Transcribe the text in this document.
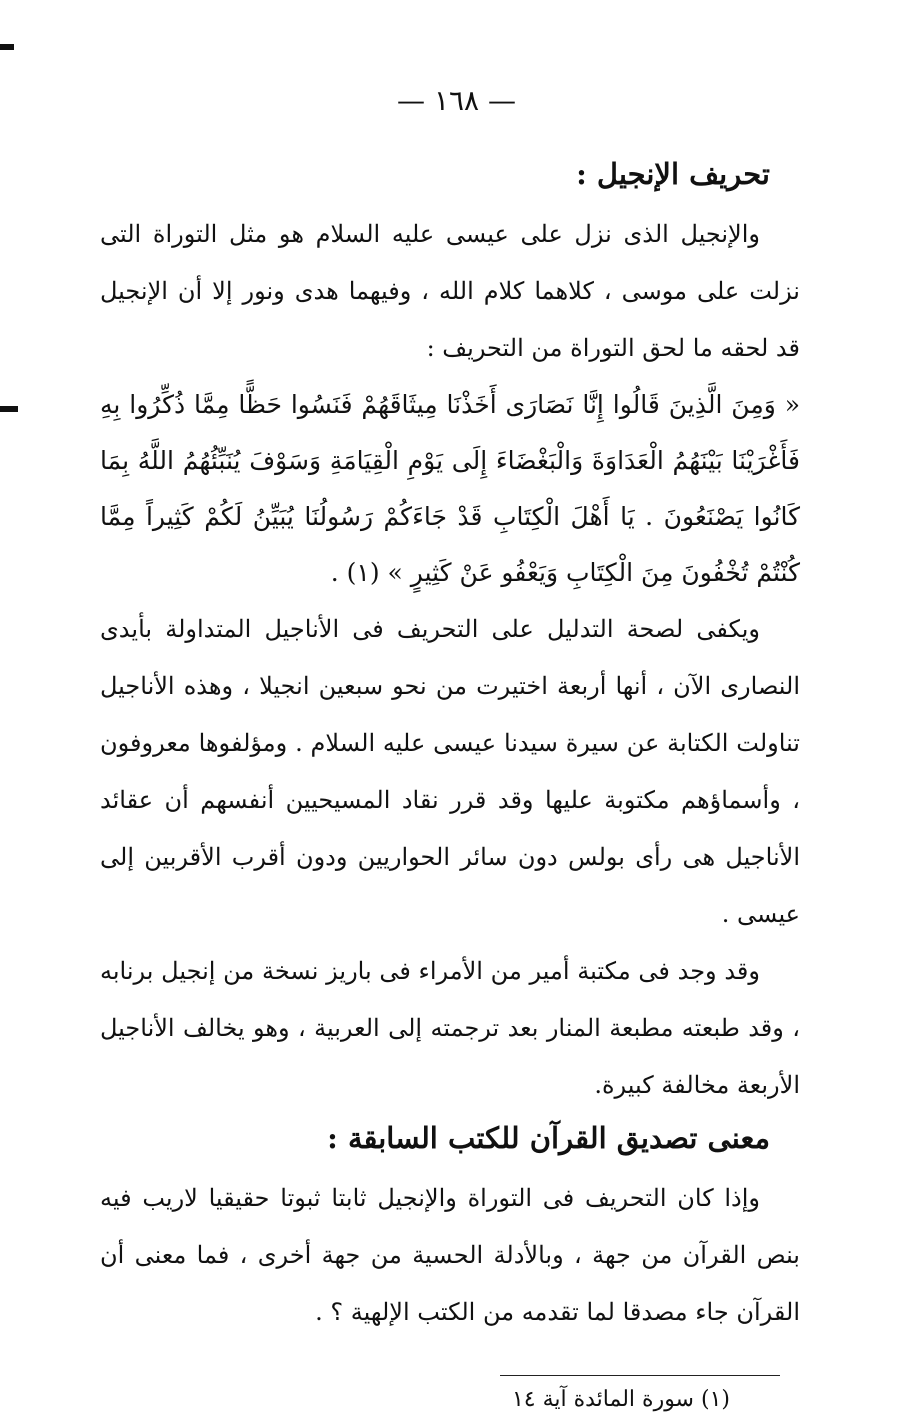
— ١٦٨ —
تحريف الإنجيل :

والإنجيل الذى نزل على عيسى عليه السلام هو مثل التوراة التى نزلت على موسى ، كلاهما كلام الله ، وفيهما هدى ونور إلا أن الإنجيل قد لحقه ما لحق التوراة من التحريف :

« وَمِنَ الَّذِينَ قَالُوا إِنَّا نَصَارَى أَخَذْنَا مِيثَاقَهُمْ فَنَسُوا حَظًّا مِمَّا ذُكِّرُوا بِهِ فَأَغْرَيْنَا بَيْنَهُمُ الْعَدَاوَةَ وَالْبَغْضَاءَ إِلَى يَوْمِ الْقِيَامَةِ وَسَوْفَ يُنَبِّئُهُمُ اللَّهُ بِمَا كَانُوا يَصْنَعُونَ . يَا أَهْلَ الْكِتَابِ قَدْ جَاءَكُمْ رَسُولُنَا يُبَيِّنُ لَكُمْ كَثِيراً مِمَّا كُنْتُمْ تُخْفُونَ مِنَ الْكِتَابِ وَيَعْفُو عَنْ كَثِيرٍ » (١) .

ويكفى لصحة التدليل على التحريف فى الأناجيل المتداولة بأيدى النصارى الآن ، أنها أربعة اختيرت من نحو سبعين انجيلا ، وهذه الأناجيل تناولت الكتابة عن سيرة سيدنا عيسى عليه السلام . ومؤلفوها معروفون ، وأسماؤهم مكتوبة عليها وقد قرر نقاد المسيحيين أنفسهم أن عقائد الأناجيل هى رأى بولس دون سائر الحواريين ودون أقرب الأقربين إلى عيسى .

وقد وجد فى مكتبة أمير من الأمراء فى باريز نسخة من إنجيل برنابه ، وقد طبعته مطبعة المنار بعد ترجمته إلى العربية ، وهو يخالف الأناجيل الأربعة مخالفة كبيرة.

معنى تصديق القرآن للكتب السابقة :

وإذا كان التحريف فى التوراة والإنجيل ثابتا ثبوتا حقيقيا لاريب فيه بنص القرآن من جهة ، وبالأدلة الحسية من جهة أخرى ، فما معنى أن القرآن جاء مصدقا لما تقدمه من الكتب الإلهية ؟ .

(١) سورة المائدة آية ١٤
